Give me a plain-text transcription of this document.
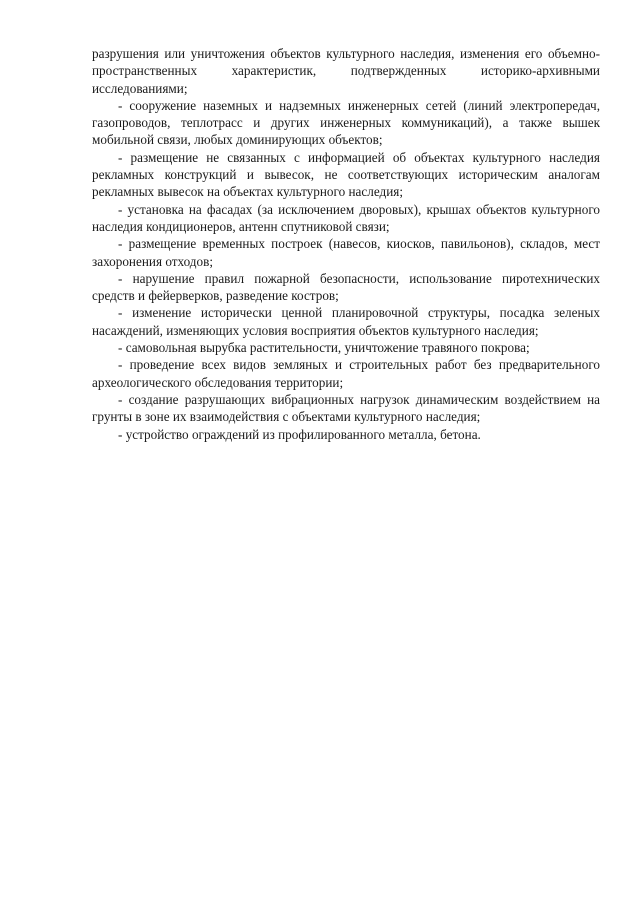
разрушения или уничтожения объектов культурного наследия, изменения его объемно-пространственных характеристик, подтвержденных историко-архивными исследованиями;

- сооружение наземных и надземных инженерных сетей (линий электропередач, газопроводов, теплотрасс и других инженерных коммуникаций), а также вышек мобильной связи, любых доминирующих объектов;

- размещение не связанных с информацией об объектах культурного наследия рекламных конструкций и вывесок, не соответствующих историческим аналогам рекламных вывесок на объектах культурного наследия;

- установка на фасадах (за исключением дворовых), крышах объектов культурного наследия кондиционеров, антенн спутниковой связи;

- размещение временных построек (навесов, киосков, павильонов), складов, мест захоронения отходов;

- нарушение правил пожарной безопасности, использование пиротехнических средств и фейерверков, разведение костров;

- изменение исторически ценной планировочной структуры, посадка зеленых насаждений, изменяющих условия восприятия объектов культурного наследия;

- самовольная вырубка растительности, уничтожение травяного покрова;

- проведение всех видов земляных и строительных работ без предварительного археологического обследования территории;

- создание разрушающих вибрационных нагрузок динамическим воздействием на грунты в зоне их взаимодействия с объектами культурного наследия;

- устройство ограждений из профилированного металла, бетона.
